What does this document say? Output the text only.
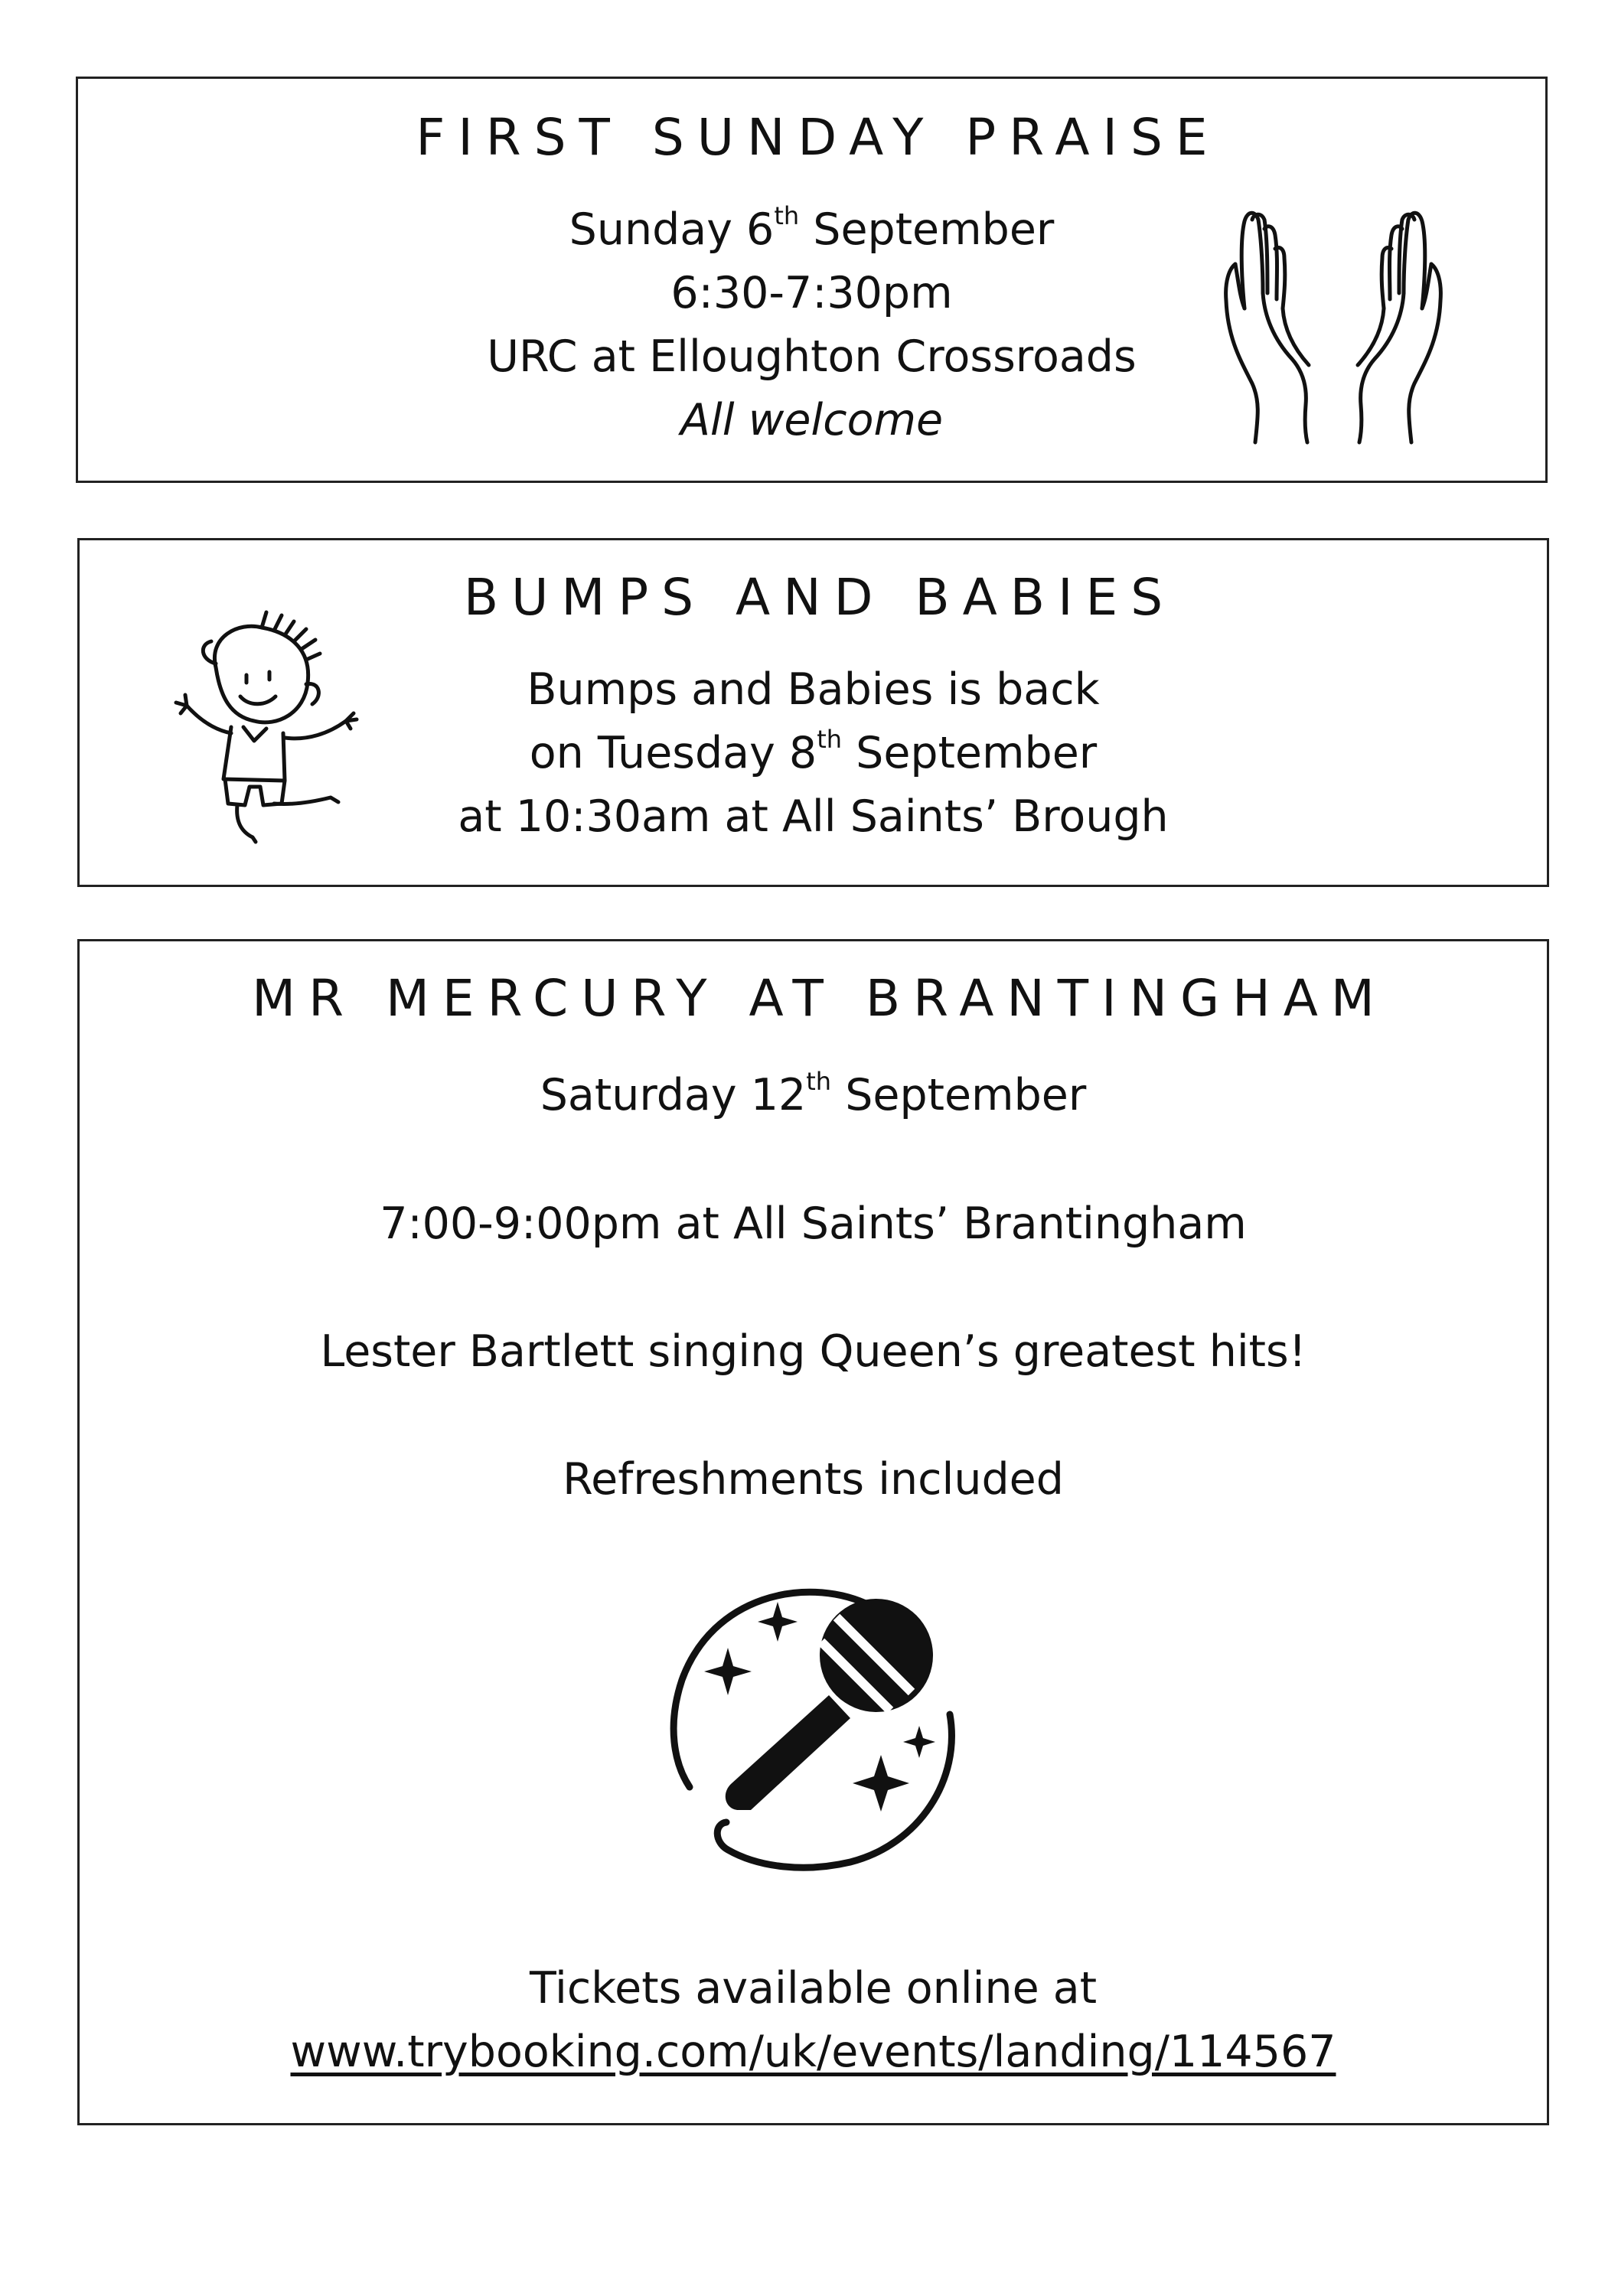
FIRST SUNDAY PRAISE
Sunday 6th September
6:30-7:30pm
URC at Elloughton Crossroads
All welcome
BUMPS AND BABIES
Bumps and Babies is back
on Tuesday 8th September
at 10:30am at All Saints’ Brough
MR MERCURY AT BRANTINGHAM
Saturday 12th September
7:00-9:00pm at All Saints’ Brantingham
Lester Bartlett singing Queen’s greatest hits!
Refreshments included
Tickets available online at
www.trybooking.com/uk/events/landing/114567
